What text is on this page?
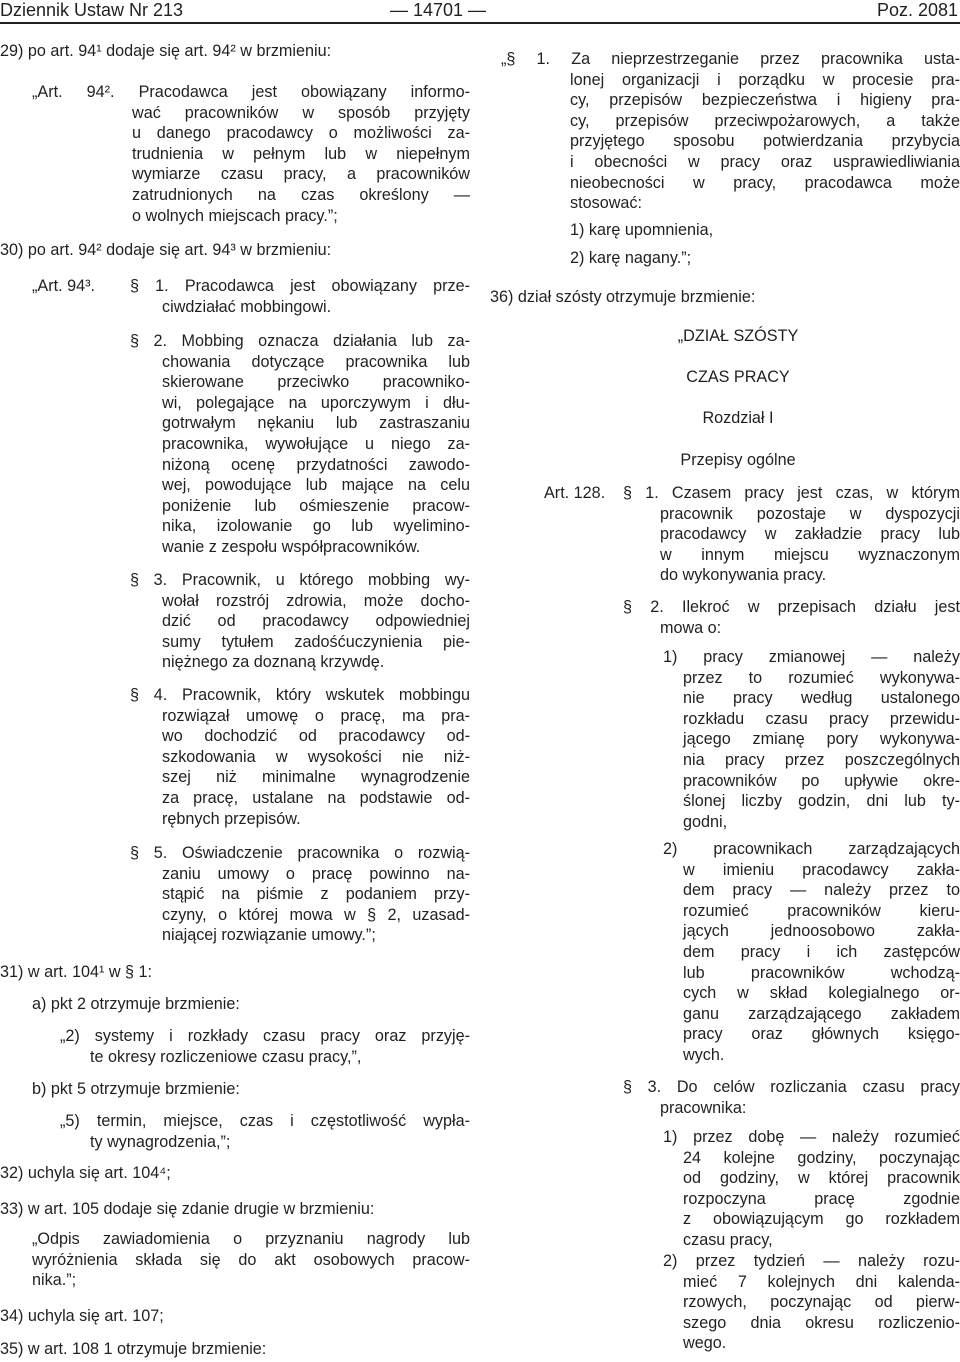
Dziennik Ustaw Nr 213	— 14701 —	Poz. 2081
29) po art. 94¹ dodaje się art. 94² w brzmieniu:
„Art. 94². Pracodawca jest obowiązany informo-
wać pracowników w sposób przyjęty
u danego pracodawcy o możliwości za-
trudnienia w pełnym lub w niepełnym
wymiarze czasu pracy, a pracowników
zatrudnionych na czas określony —
o wolnych miejscach pracy.”;
30) po art. 94² dodaje się art. 94³ w brzmieniu:
„Art. 94³. § 1. Pracodawca jest obowiązany prze-
ciwdziałać mobbingowi.
§ 2. Mobbing oznacza działania lub za-
chowania dotyczące pracownika lub
skierowane przeciwko pracowniko-
wi, polegające na uporczywym i dłu-
gotrwałym nękaniu lub zastraszaniu
pracownika, wywołujące u niego za-
niżoną ocenę przydatności zawodo-
wej, powodujące lub mające na celu
poniżenie lub ośmieszenie pracow-
nika, izolowanie go lub wyelimino-
wanie z zespołu współpracowników.
§ 3. Pracownik, u którego mobbing wy-
wołał rozstrój zdrowia, może docho-
dzić od pracodawcy odpowiedniej
sumy tytułem zadośćuczynienia pie-
niężnego za doznaną krzywdę.
§ 4. Pracownik, który wskutek mobbingu
rozwiązał umowę o pracę, ma pra-
wo dochodzić od pracodawcy od-
szkodowania w wysokości nie niż-
szej niż minimalne wynagrodzenie
za pracę, ustalane na podstawie od-
rębnych przepisów.
§ 5. Oświadczenie pracownika o rozwią-
zaniu umowy o pracę powinno na-
stąpić na piśmie z podaniem przy-
czyny, o której mowa w § 2, uzasad-
niającej rozwiązanie umowy.”;
31) w art. 104¹ w § 1:
a) pkt 2 otrzymuje brzmienie:
„2) systemy i rozkłady czasu pracy oraz przyję-
te okresy rozliczeniowe czasu pracy,”,
b) pkt 5 otrzymuje brzmienie:
„5) termin, miejsce, czas i częstotliwość wypła-
ty wynagrodzenia,”;
32) uchyla się art. 104⁴;
33) w art. 105 dodaje się zdanie drugie w brzmieniu:
„Odpis zawiadomienia o przyznaniu nagrody lub
wyróżnienia składa się do akt osobowych pracow-
nika.”;
34) uchyla się art. 107;
35) w art. 108 1 otrzymuje brzmienie:
„§ 1. Za nieprzestrzeganie przez pracownika usta-
lonej organizacji i porządku w procesie pra-
cy, przepisów bezpieczeństwa i higieny pra-
cy, przepisów przeciwpożarowych, a także
przyjętego sposobu potwierdzania przybycia
i obecności w pracy oraz usprawiedliwiania
nieobecności w pracy, pracodawca może
stosować:
1) karę upomnienia,
2) karę nagany.”;
36) dział szósty otrzymuje brzmienie:
„DZIAŁ SZÓSTY
CZAS PRACY
Rozdział I
Przepisy ogólne
Art. 128. § 1. Czasem pracy jest czas, w którym
pracownik pozostaje w dyspozycji
pracodawcy w zakładzie pracy lub
w innym miejscu wyznaczonym
do wykonywania pracy.
§ 2. Ilekroć w przepisach działu jest
mowa o:
1) pracy zmianowej — należy
przez to rozumieć wykonywa-
nie pracy według ustalonego
rozkładu czasu pracy przewidu-
jącego zmianę pory wykonywa-
nia pracy przez poszczególnych
pracowników po upływie okre-
ślonej liczby godzin, dni lub ty-
godni,
2) pracownikach zarządzających
w imieniu pracodawcy zakła-
dem pracy — należy przez to
rozumieć pracowników kieru-
jących jednoosobowo zakła-
dem pracy i ich zastępców
lub pracowników wchodzą-
cych w skład kolegialnego or-
ganu zarządzającego zakładem
pracy oraz głównych księgo-
wych.
§ 3. Do celów rozliczania czasu pracy
pracownika:
1) przez dobę — należy rozumieć
24 kolejne godziny, poczynając
od godziny, w której pracownik
rozpoczyna pracę zgodnie
z obowiązującym go rozkładem
czasu pracy,
2) przez tydzień — należy rozu-
mieć 7 kolejnych dni kalenda-
rzowych, poczynając od pierw-
szego dnia okresu rozliczenio-
wego.
